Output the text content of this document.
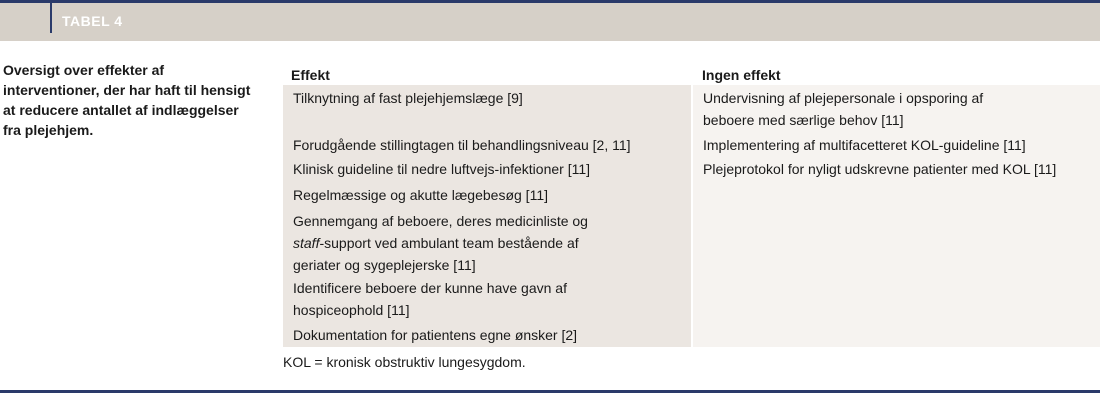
TABEL 4
Oversigt over effekter af interventioner, der har haft til hensigt at reducere antallet af indlæggelser fra plejehjem.
Effekt	Ingen effekt
Tilknytning af fast plejehjemslæge [9]
Forudgående stillingtagen til behandlingsniveau [2, 11]
Klinisk guideline til nedre luftvejs-infektioner [11]
Regelmæssige og akutte lægebesøg [11]
Gennemgang af beboere, deres medicinliste og
staff-support ved ambulant team bestående af
geriater og sygeplejerske [11]
Identificere beboere der kunne have gavn af
hospiceophold [11]
Dokumentation for patientens egne ønsker [2]
Undervisning af plejepersonale i opsporing af
beboere med særlige behov [11]
Implementering af multifacetteret KOL-guideline [11]
Plejeprotokol for nyligt udskrevne patienter med KOL [11]
KOL = kronisk obstruktiv lungesygdom.
